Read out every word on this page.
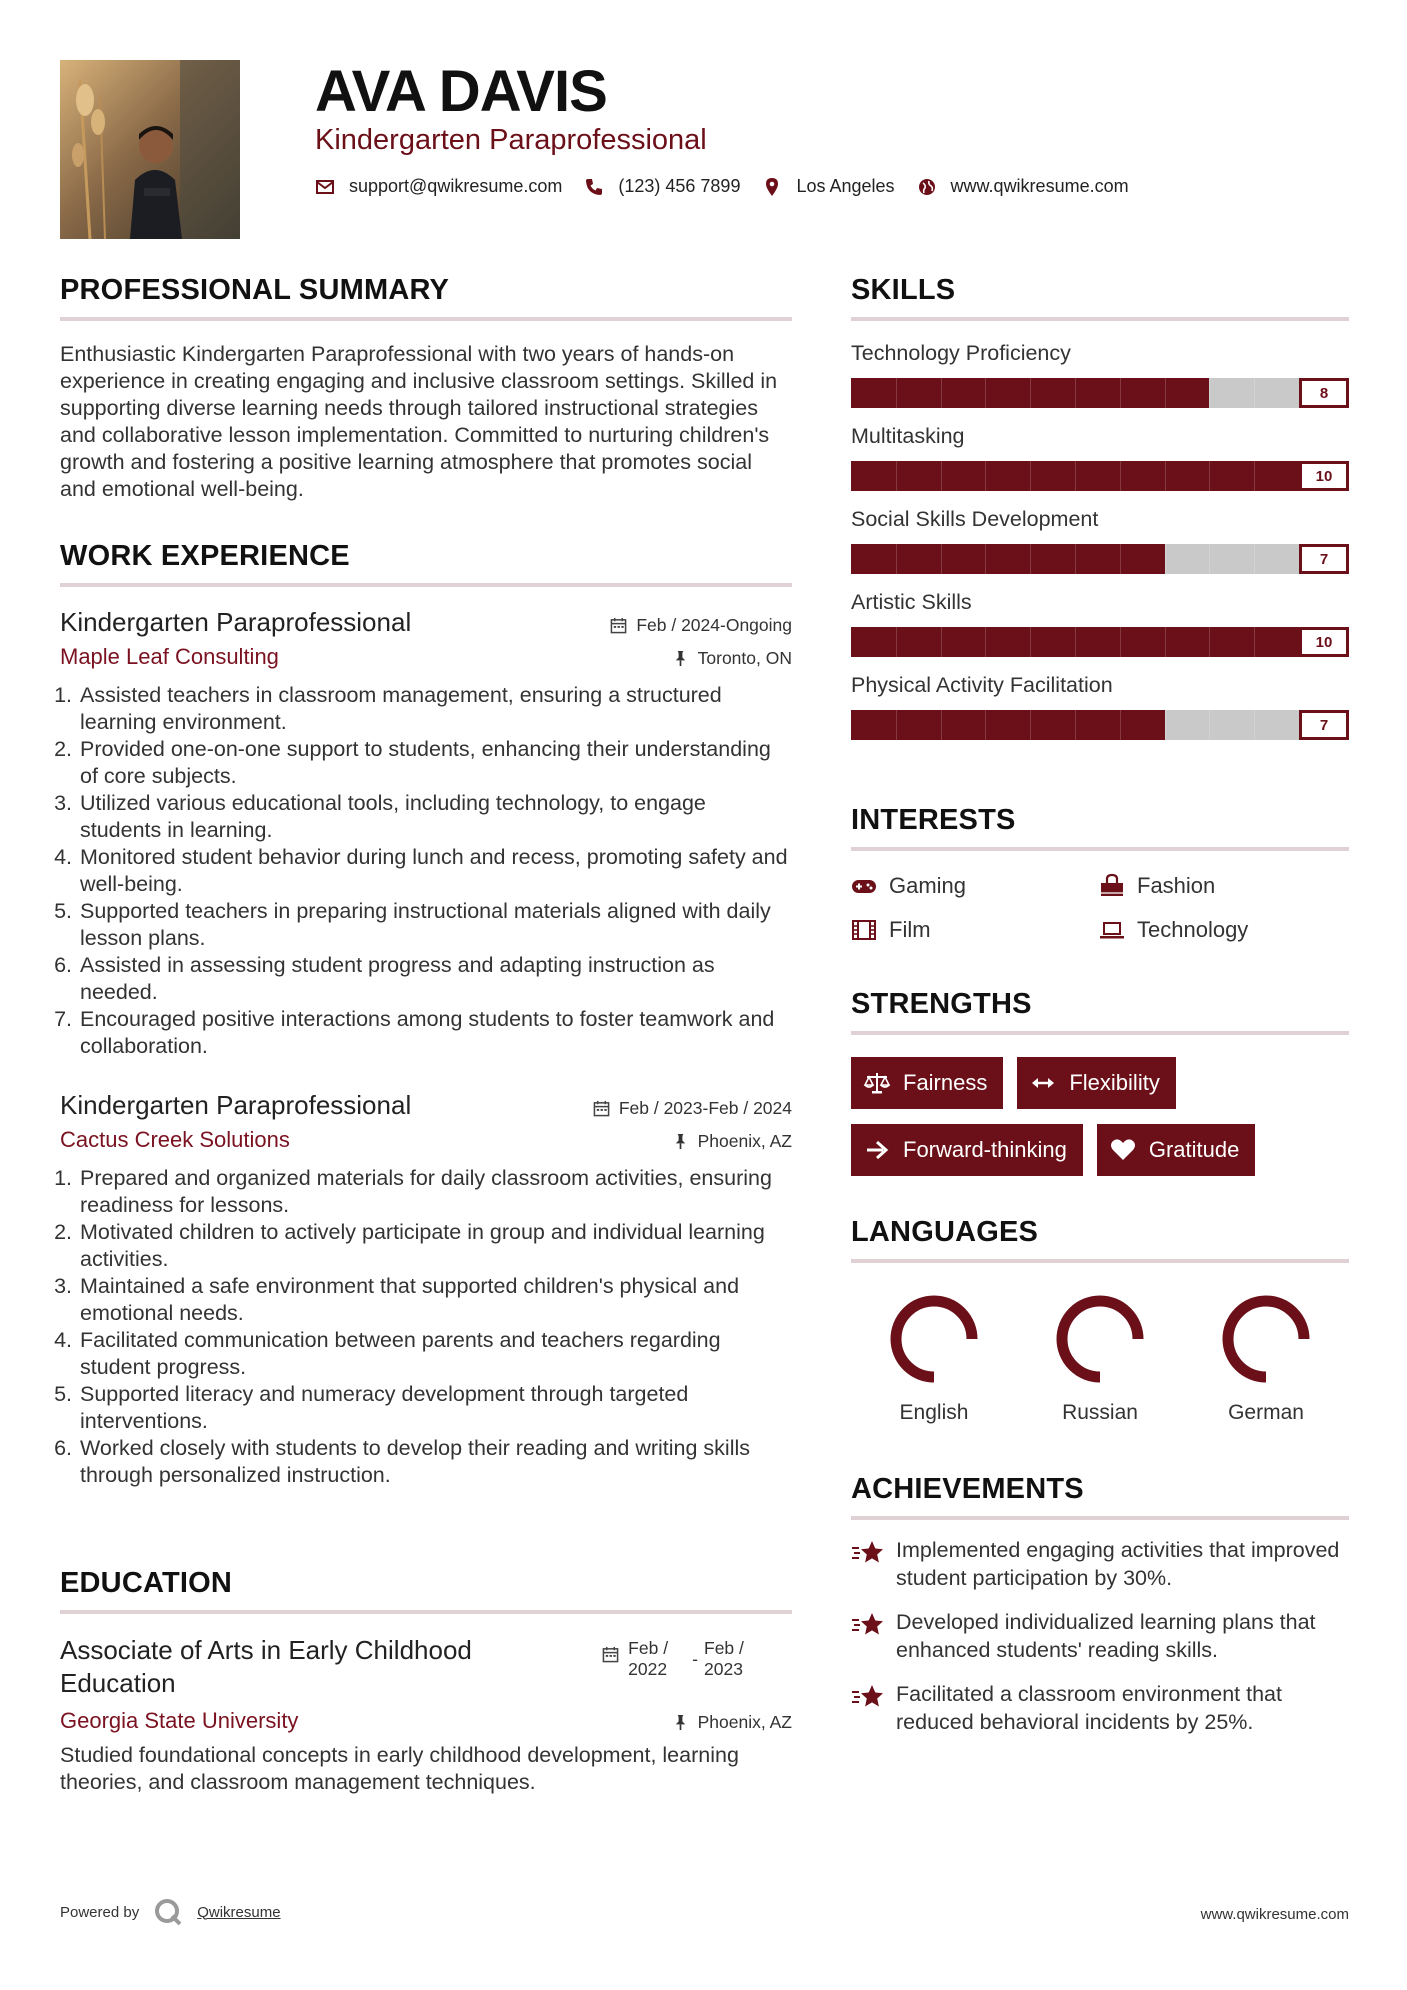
AVA DAVIS
Kindergarten Paraprofessional
support@qwikresume.com	(123) 456 7899	Los Angeles	www.qwikresume.com
PROFESSIONAL SUMMARY
Enthusiastic Kindergarten Paraprofessional with two years of hands-on experience in creating engaging and inclusive classroom settings. Skilled in supporting diverse learning needs through tailored instructional strategies and collaborative lesson implementation. Committed to nurturing children's growth and fostering a positive learning atmosphere that promotes social and emotional well-being.
WORK EXPERIENCE
Kindergarten Paraprofessional	Feb / 2024-Ongoing
Maple Leaf Consulting	Toronto, ON
1. Assisted teachers in classroom management, ensuring a structured learning environment.
2. Provided one-on-one support to students, enhancing their understanding of core subjects.
3. Utilized various educational tools, including technology, to engage students in learning.
4. Monitored student behavior during lunch and recess, promoting safety and well-being.
5. Supported teachers in preparing instructional materials aligned with daily lesson plans.
6. Assisted in assessing student progress and adapting instruction as needed.
7. Encouraged positive interactions among students to foster teamwork and collaboration.
Kindergarten Paraprofessional	Feb / 2023-Feb / 2024
Cactus Creek Solutions	Phoenix, AZ
1. Prepared and organized materials for daily classroom activities, ensuring readiness for lessons.
2. Motivated children to actively participate in group and individual learning activities.
3. Maintained a safe environment that supported children's physical and emotional needs.
4. Facilitated communication between parents and teachers regarding student progress.
5. Supported literacy and numeracy development through targeted interventions.
6. Worked closely with students to develop their reading and writing skills through personalized instruction.
EDUCATION
Associate of Arts in Early Childhood Education
Feb / 2022	-
Feb / 2023
Georgia State University	Phoenix, AZ
Studied foundational concepts in early childhood development, learning theories, and classroom management techniques.
SKILLS
Technology Proficiency
8
Multitasking
10
Social Skills Development
7
Artistic Skills
10
Physical Activity Facilitation
7
INTERESTS
Gaming	Fashion
Film	Technology
STRENGTHS
Fairness	Flexibility
Forward-thinking	Gratitude
LANGUAGES
English	Russian	German
ACHIEVEMENTS
Implemented engaging activities that improved student participation by 30%.
Developed individualized learning plans that enhanced students' reading skills.
Facilitated a classroom environment that reduced behavioral incidents by 25%.
Powered by	Qwikresume	www.qwikresume.com
